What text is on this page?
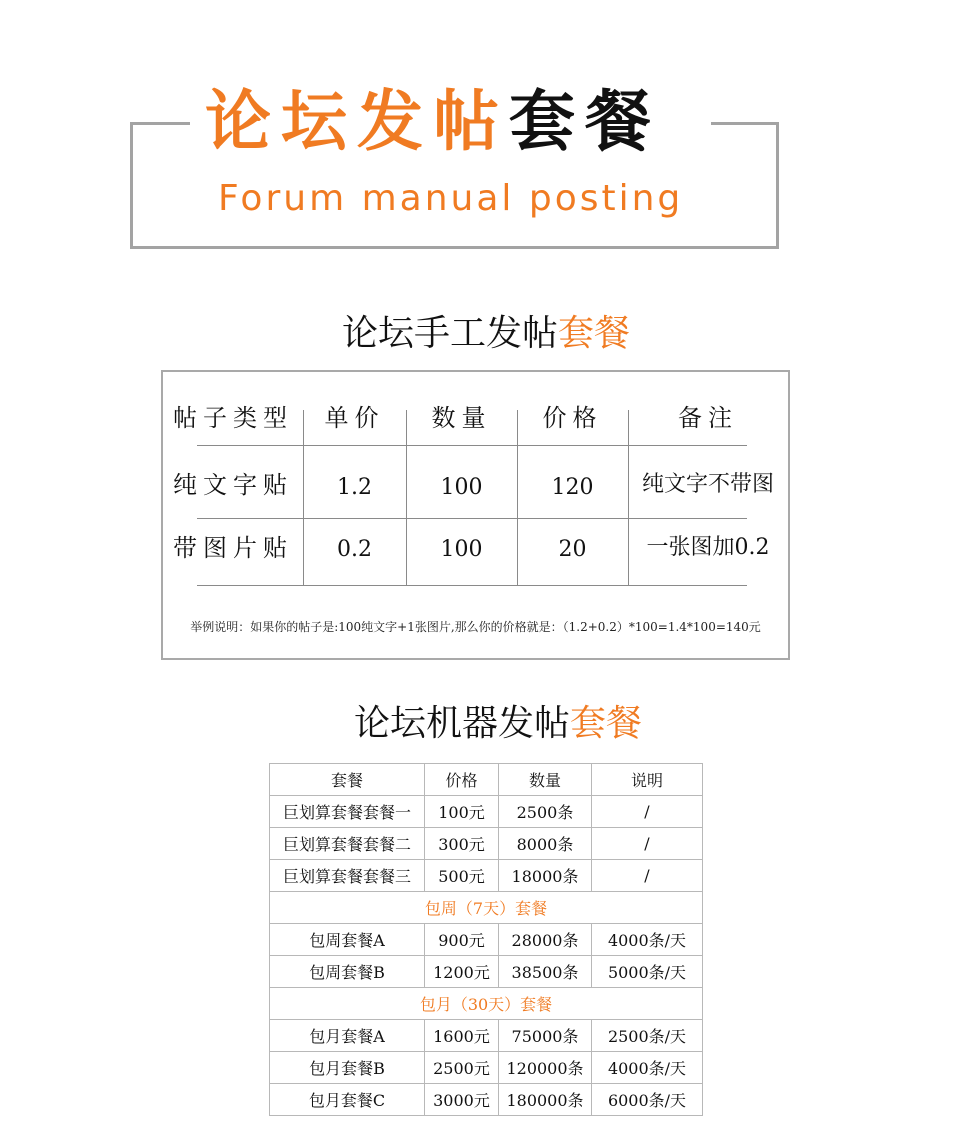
论坛发帖套餐
Forum manual posting
论坛手工发帖套餐
帖子类型	单价	数量	价格	备注
纯文字贴	1.2	100	120	纯文字不带图
带图片贴	0.2	100	20	一张图加0.2
举例说明：如果你的帖子是:100纯文字+1张图片,那么你的价格就是：（1.2+0.2）*100=1.4*100=140元
论坛机器发帖套餐
套餐	价格	数量	说明
巨划算套餐套餐一	100元	2500条	/
巨划算套餐套餐二	300元	8000条	/
巨划算套餐套餐三	500元	18000条	/
包周（7天）套餐			
包周套餐A	900元	28000条	4000条/天
包周套餐B	1200元	38500条	5000条/天
包月（30天）套餐			
包月套餐A	1600元	75000条	2500条/天
包月套餐B	2500元	120000条	4000条/天
包月套餐C	3000元	180000条	6000条/天
